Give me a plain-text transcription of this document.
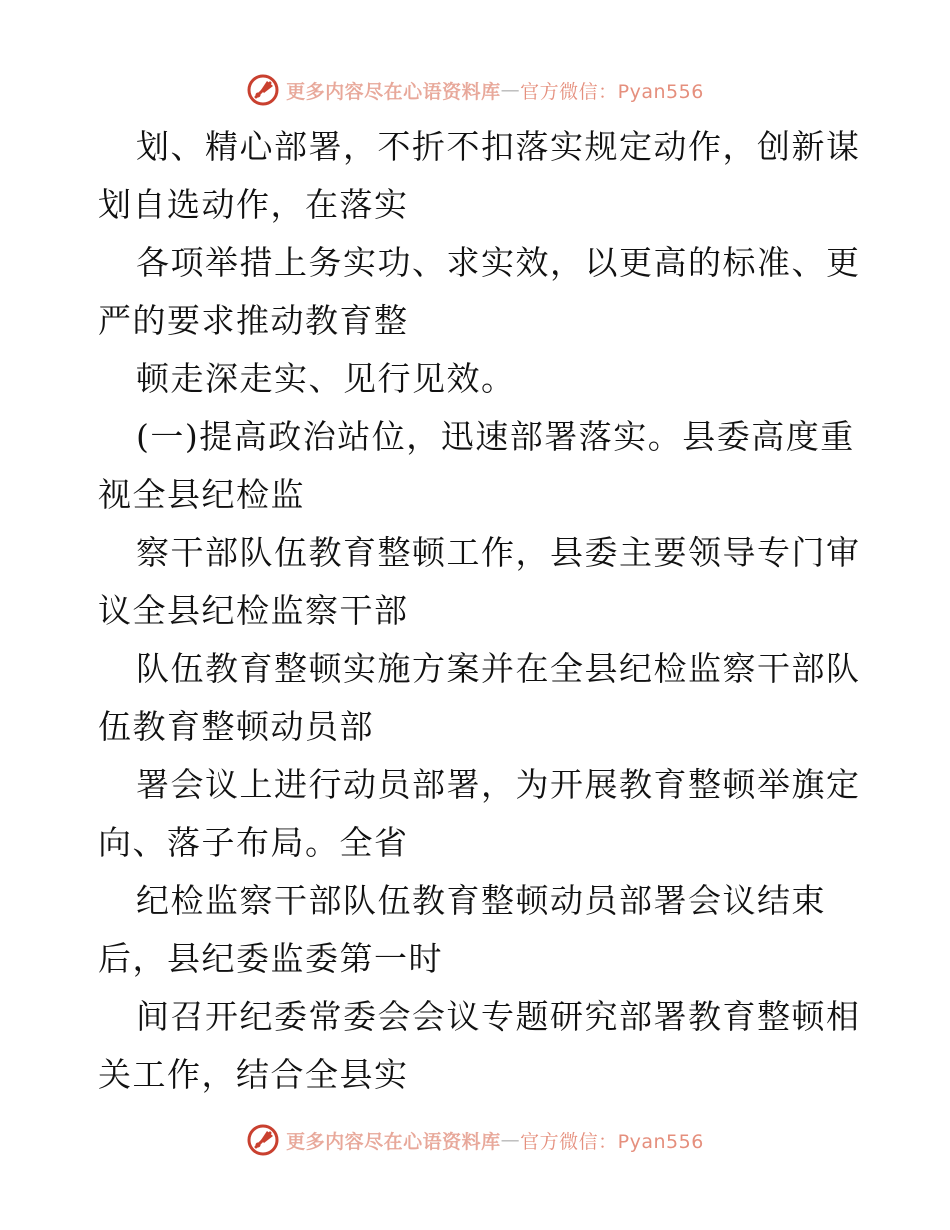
更多内容尽在心语资料库 — 官方微信：Pyan556
划、精心部署，不折不扣落实规定动作，创新谋
划自选动作，在落实
各项举措上务实功、求实效，以更高的标准、更
严的要求推动教育整
顿走深走实、见行见效。
(一)提高政治站位，迅速部署落实。县委高度重
视全县纪检监
察干部队伍教育整顿工作，县委主要领导专门审
议全县纪检监察干部
队伍教育整顿实施方案并在全县纪检监察干部队
伍教育整顿动员部
署会议上进行动员部署，为开展教育整顿举旗定
向、落子布局。全省
纪检监察干部队伍教育整顿动员部署会议结束
后，县纪委监委第一时
间召开纪委常委会会议专题研究部署教育整顿相
关工作，结合全县实
更多内容尽在心语资料库 — 官方微信：Pyan556
